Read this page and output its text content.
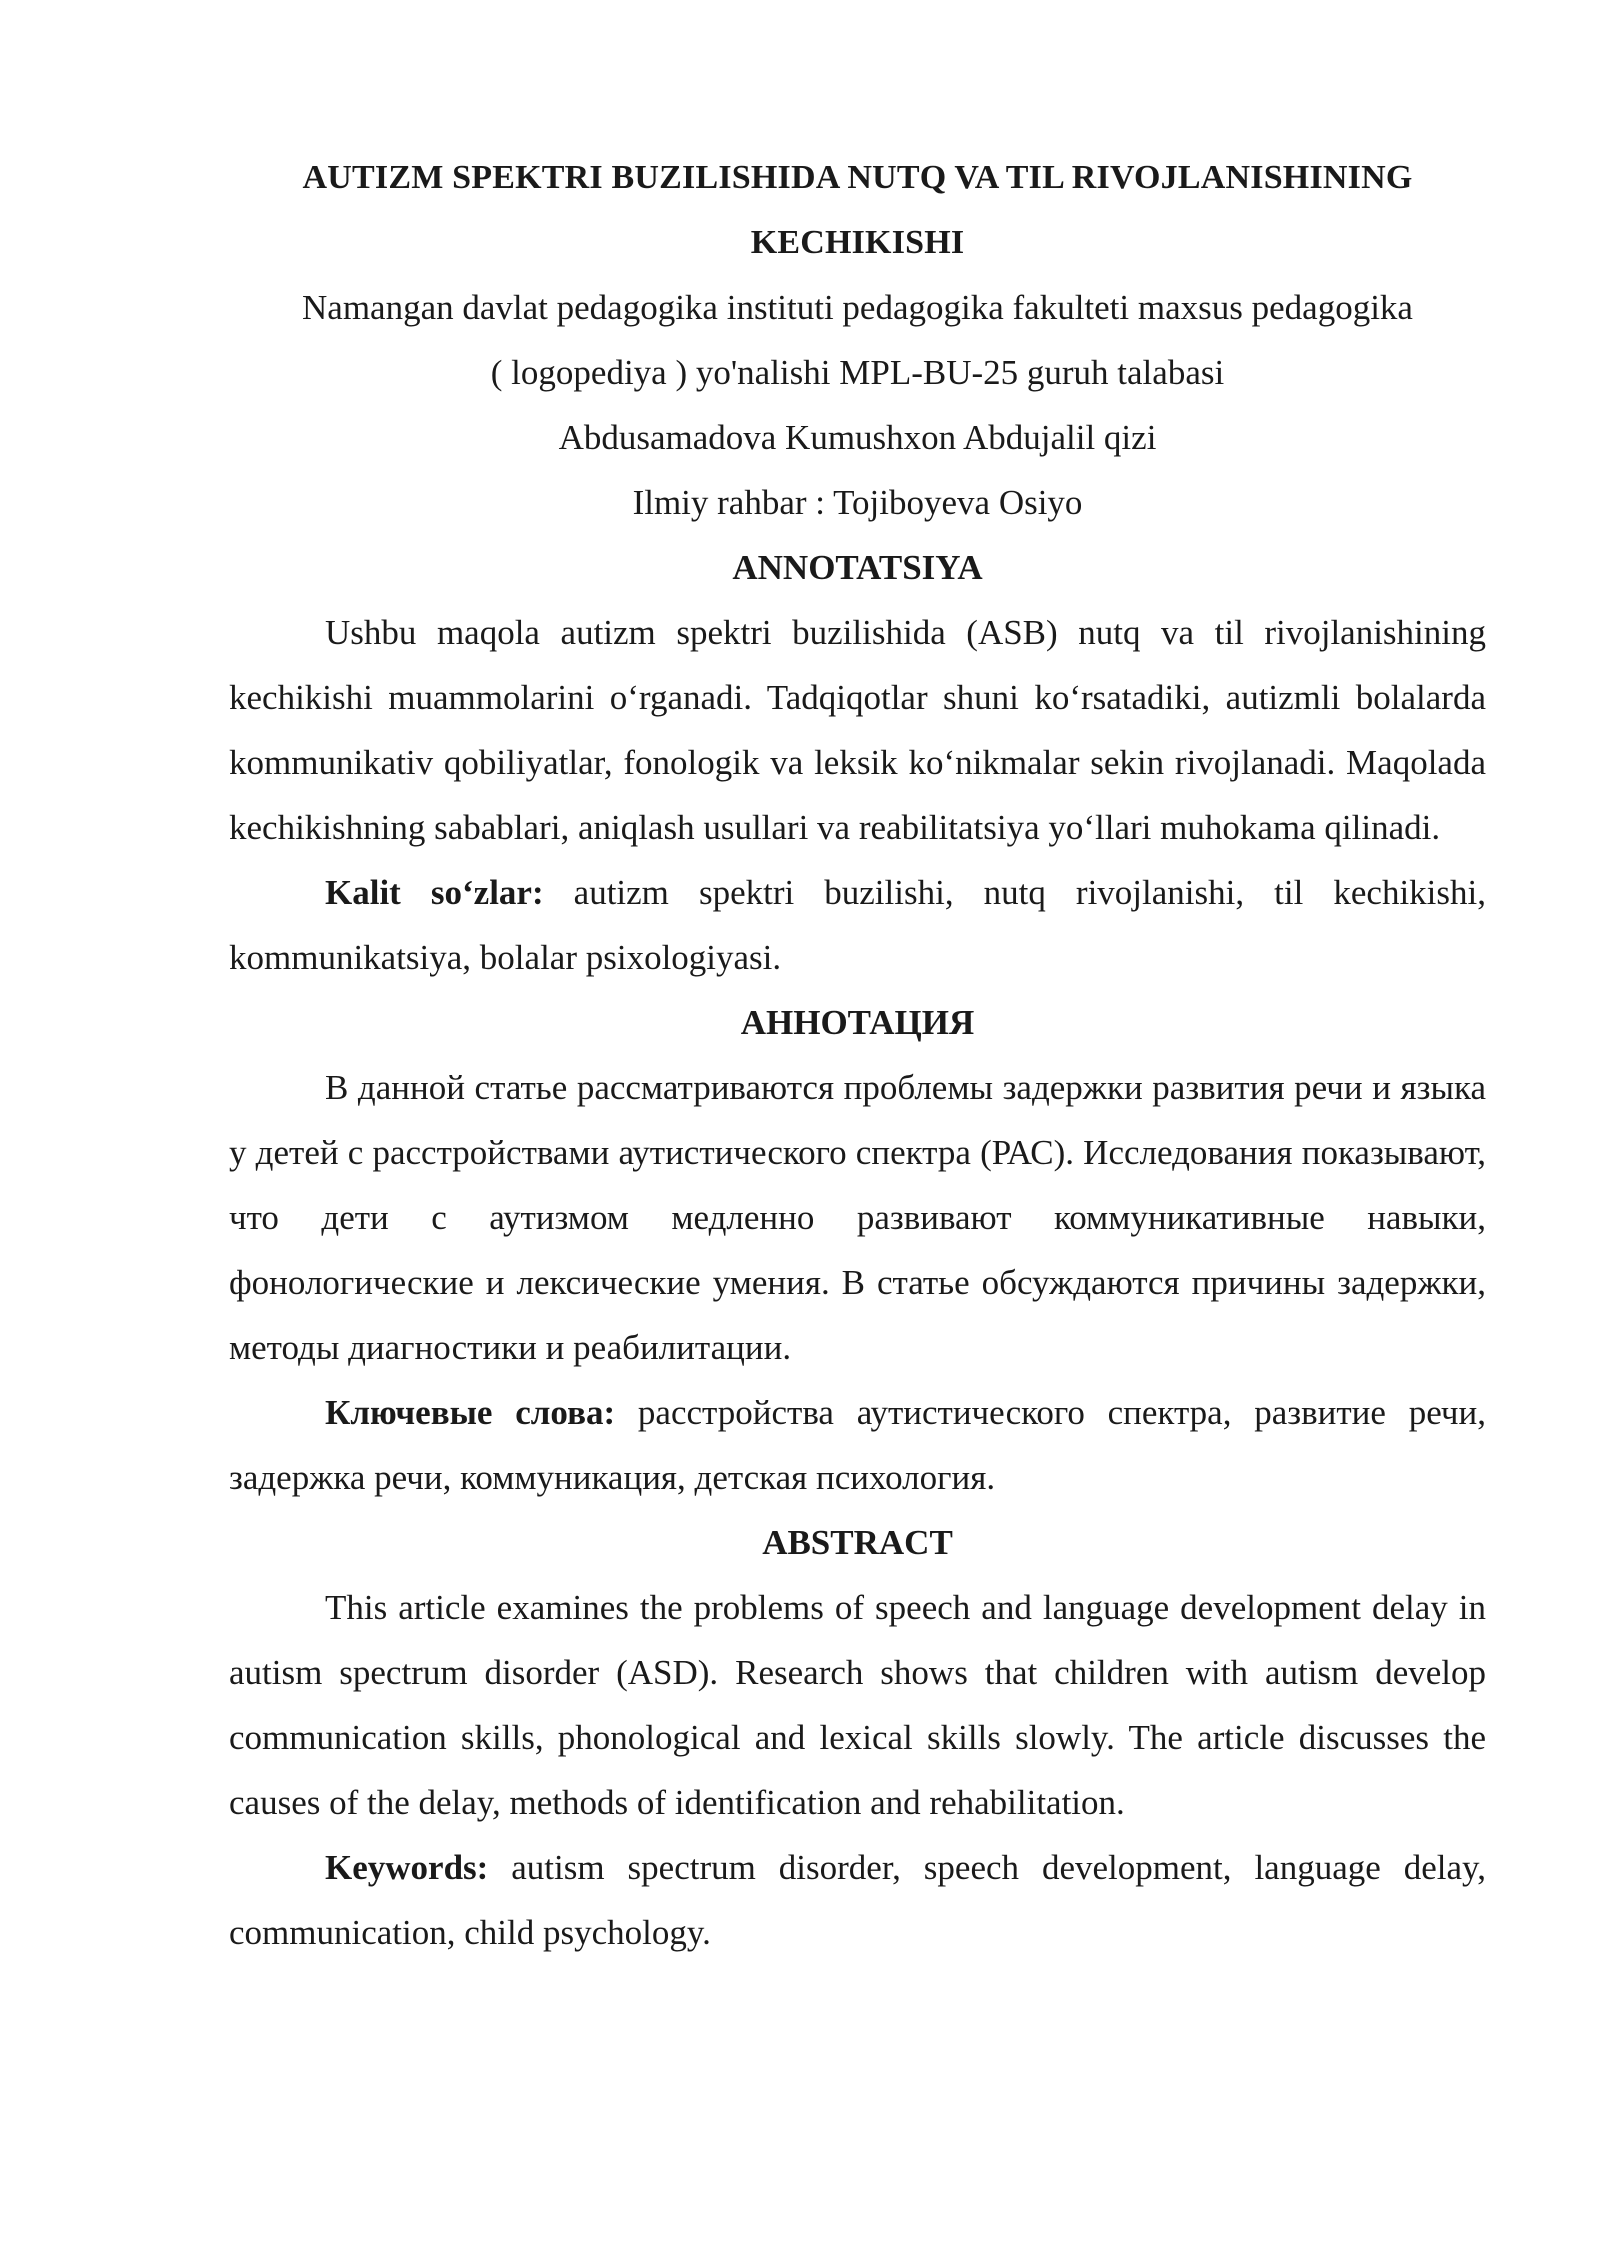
AUTIZM SPEKTRI BUZILISHIDA NUTQ VA TIL RIVOJLANISHINING
KECHIKISHI
Namangan davlat pedagogika instituti pedagogika fakulteti maxsus pedagogika
( logopediya ) yo'nalishi MPL-BU-25 guruh talabasi
Abdusamadova Kumushxon Abdujalil qizi
Ilmiy rahbar : Tojiboyeva Osiyo
ANNOTATSIYA

Ushbu maqola autizm spektri buzilishida (ASB) nutq va til rivojlanishining kechikishi muammolarini o‘rganadi. Tadqiqotlar shuni ko‘rsatadiki, autizmli bolalarda kommunikativ qobiliyatlar, fonologik va leksik ko‘nikmalar sekin rivojlanadi. Maqolada kechikishning sabablari, aniqlash usullari va reabilitatsiya yo‘llari muhokama qilinadi.

Kalit so‘zlar: autizm spektri buzilishi, nutq rivojlanishi, til kechikishi, kommunikatsiya, bolalar psixologiyasi.

АННОТАЦИЯ

В данной статье рассматриваются проблемы задержки развития речи и языка у детей с расстройствами аутистического спектра (РАС). Исследования показывают, что дети с аутизмом медленно развивают коммуникативные навыки, фонологические и лексические умения. В статье обсуждаются причины задержки, методы диагностики и реабилитации.

Ключевые слова: расстройства аутистического спектра, развитие речи, задержка речи, коммуникация, детская психология.

ABSTRACT

This article examines the problems of speech and language development delay in autism spectrum disorder (ASD). Research shows that children with autism develop communication skills, phonological and lexical skills slowly. The article discusses the causes of the delay, methods of identification and rehabilitation.

Keywords: autism spectrum disorder, speech development, language delay, communication, child psychology.
